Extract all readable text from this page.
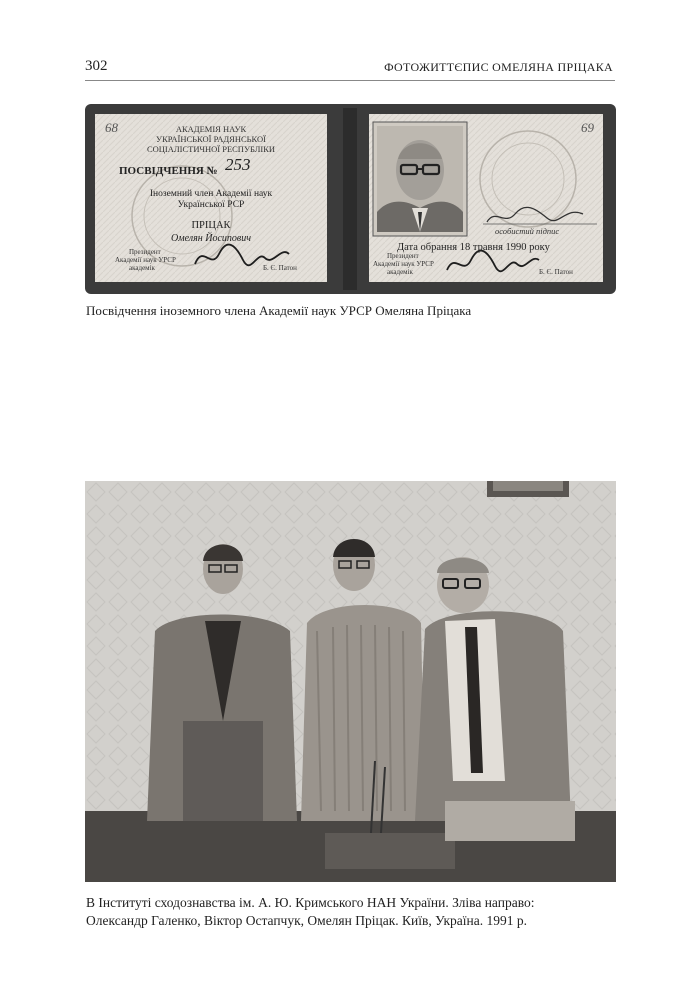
302	ФОТОЖИТТЄПИС ОМЕЛЯНА ПРІЦАКА
68	АКАДЕМІЯ НАУК
УКРАЇНСЬКОЇ РАДЯНСЬКОЇ
СОЦІАЛІСТИЧНОЇ РЕСПУБЛІКИ
ПОСВІДЧЕННЯ № 253
Іноземний член Академії наук
Української РСР
ПРІЦАК
Омелян Йосипович
Президент
Академії наук УРСР
академік	Б. Є. Патон
69
особистий підпис
Дата обрання 18 травня 1990 року
Президент
Академії наук УРСР
академік	Б. Є. Патон
Посвідчення іноземного члена Академії наук УРСР Омеляна Пріцака
В Інституті сходознавства ім. А. Ю. Кримського НАН України. Зліва направо:
Олександр Галенко, Віктор Остапчук, Омелян Пріцак. Київ, Україна. 1991 р.
